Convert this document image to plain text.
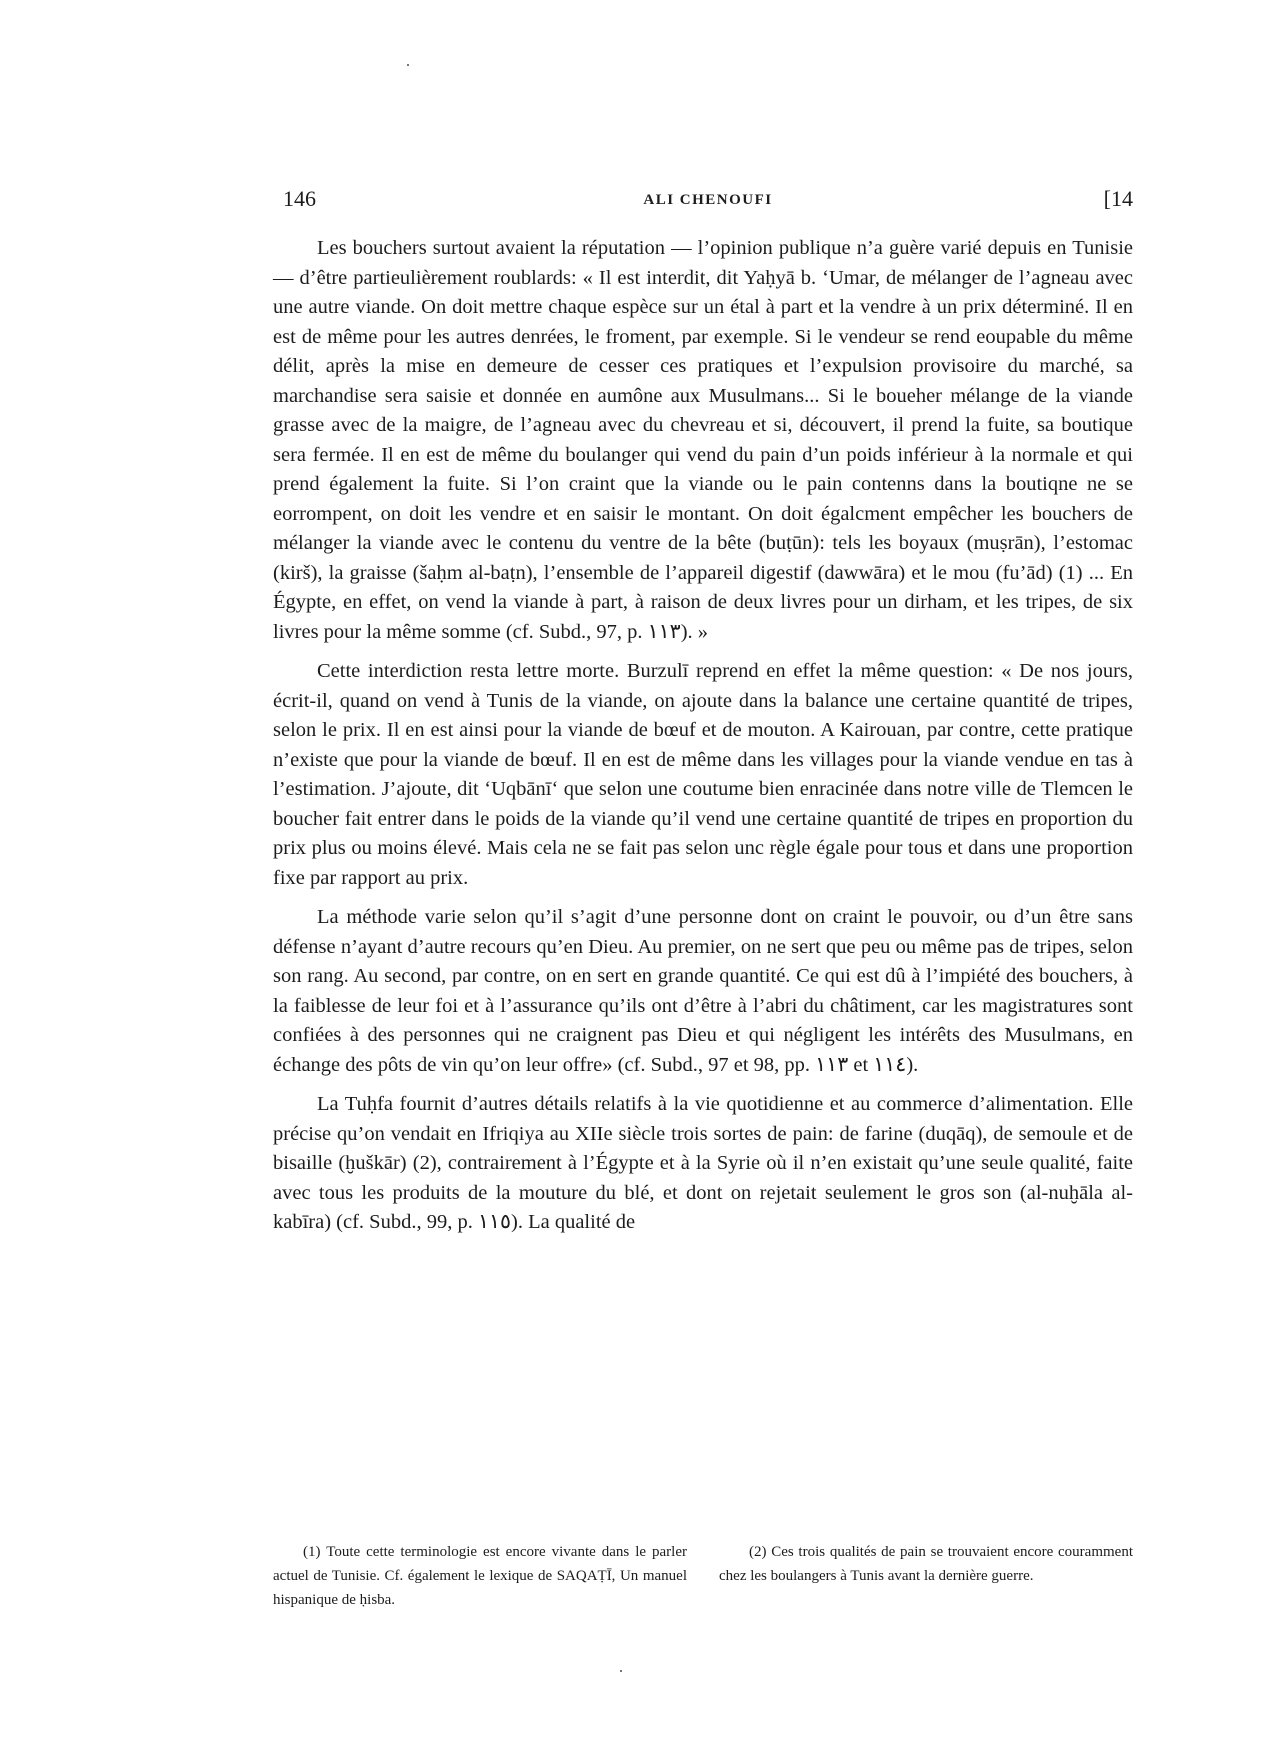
146	ALI CHENOUFI	[14

Les bouchers surtout avaient la réputation — l’opinion publique n’a guère varié depuis en Tunisie — d’être partieulièrement roublards: « Il est interdit, dit Yaḥyā b. ‘Umar, de mélanger de l’agneau avec une autre viande. On doit mettre chaque espèce sur un étal à part et la vendre à un prix déterminé. Il en est de même pour les autres denrées, le froment, par exemple. Si le vendeur se rend eoupable du même délit, après la mise en demeure de cesser ces pratiques et l’expulsion provisoire du marché, sa marchandise sera saisie et donnée en aumône aux Musulmans... Si le boueher mélange de la viande grasse avec de la maigre, de l’agneau avec du chevreau et si, découvert, il prend la fuite, sa boutique sera fermée. Il en est de même du boulanger qui vend du pain d’un poids inférieur à la normale et qui prend également la fuite. Si l’on craint que la viande ou le pain contenns dans la boutiqne ne se eorrompent, on doit les vendre et en saisir le montant. On doit égalcment empêcher les bouchers de mélanger la viande avec le contenu du ventre de la bête (buṭūn): tels les boyaux (muṣrān), l’estomac (kirš), la graisse (šaḥm al-baṭn), l’ensemble de l’appareil digestif (dawwāra) et le mou (fu’ād) (1) ... En Égypte, en effet, on vend la viande à part, à raison de deux livres pour un dirham, et les tripes, de six livres pour la même somme (cf. Subd., 97, p. ١١٣). »

Cette interdiction resta lettre morte. Burzulī reprend en effet la même question: « De nos jours, écrit-il, quand on vend à Tunis de la viande, on ajoute dans la balance une certaine quantité de tripes, selon le prix. Il en est ainsi pour la viande de bœuf et de mouton. A Kairouan, par contre, cette pratique n’existe que pour la viande de bœuf. Il en est de même dans les villages pour la viande vendue en tas à l’estimation. J’ajoute, dit ‘Uqbānī‘ que selon une coutume bien enracinée dans notre ville de Tlemcen le boucher fait entrer dans le poids de la viande qu’il vend une certaine quantité de tripes en proportion du prix plus ou moins élevé. Mais cela ne se fait pas selon unc règle égale pour tous et dans une proportion fixe par rapport au prix.

La méthode varie selon qu’il s’agit d’une personne dont on craint le pouvoir, ou d’un être sans défense n’ayant d’autre recours qu’en Dieu. Au premier, on ne sert que peu ou même pas de tripes, selon son rang. Au second, par contre, on en sert en grande quantité. Ce qui est dû à l’impiété des bouchers, à la faiblesse de leur foi et à l’assurance qu’ils ont d’être à l’abri du châtiment, car les magistratures sont confiées à des personnes qui ne craignent pas Dieu et qui négligent les intérêts des Musulmans, en échange des pôts de vin qu’on leur offre» (cf. Subd., 97 et 98, pp. ١١٣ et ١١٤).

La Tuḥfa fournit d’autres détails relatifs à la vie quotidienne et au commerce d’alimentation. Elle précise qu’on vendait en Ifriqiya au XIIe siècle trois sortes de pain: de farine (duqāq), de semoule et de bisaille (ḫuškār) (2), contrairement à l’Égypte et à la Syrie où il n’en existait qu’une seule qualité, faite avec tous les produits de la mouture du blé, et dont on rejetait seulement le gros son (al-nuḫāla al-kabīra) (cf. Subd., 99, p. ١١٥). La qualité de

(1) Toute cette terminologie est encore vivante dans le parler actuel de Tunisie. Cf. également le lexique de SAQAṬĪ, Un manuel hispanique de ḥisba.
(2) Ces trois qualités de pain se trouvaient encore couramment chez les boulangers à Tunis avant la dernière guerre.
